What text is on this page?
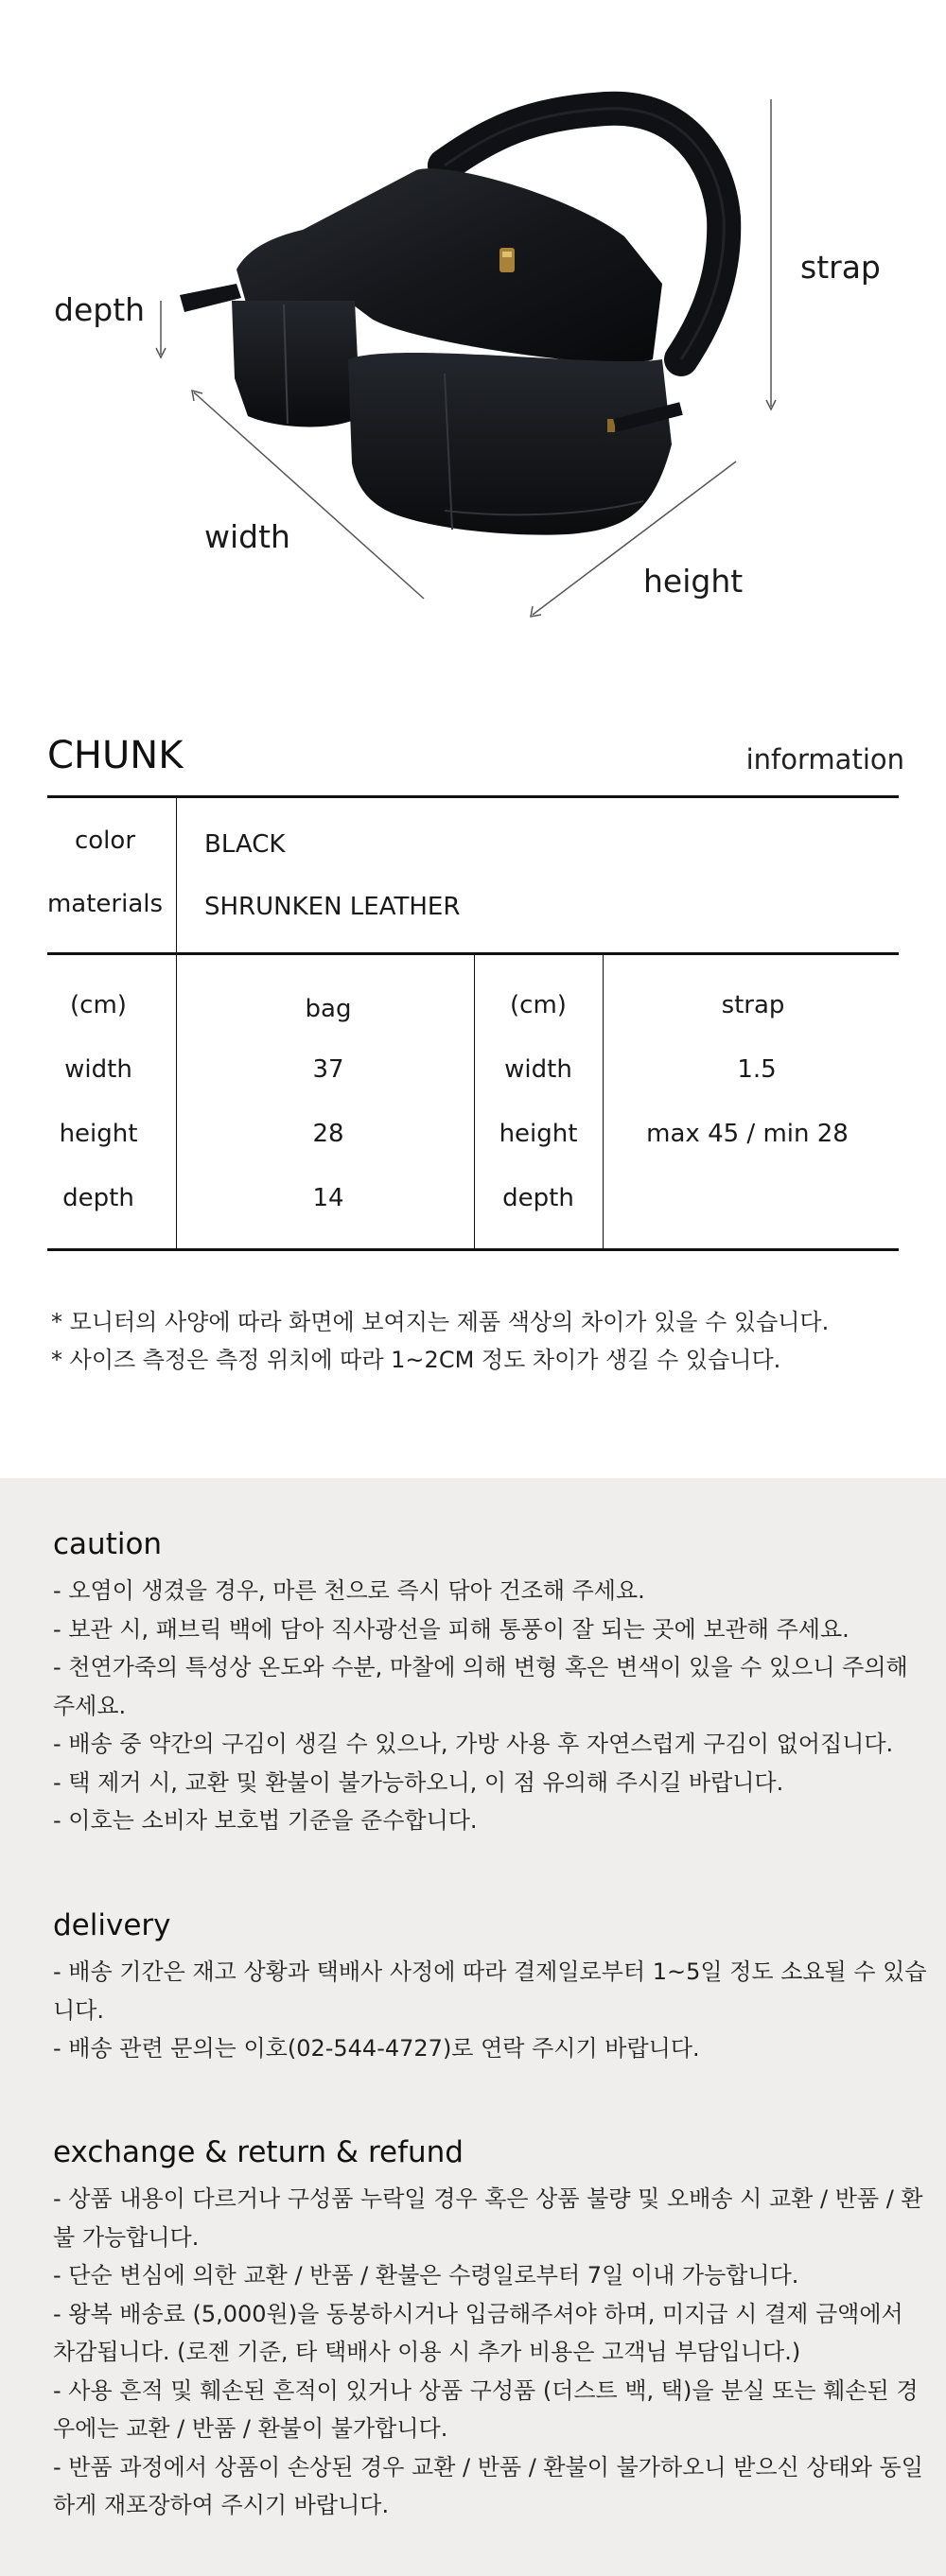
depth
width
height
strap
CHUNK	information
color	BLACK
materials SHRUNKEN LEATHER
(cm)	bag	(cm)	strap
width	37	width	1.5
height	28	height	max 45 / min 28
depth	14	depth
* 모니터의 사양에 따라 화면에 보여지는 제품 색상의 차이가 있을 수 있습니다.
* 사이즈 측정은 측정 위치에 따라 1~2CM 정도 차이가 생길 수 있습니다.
caution
- 오염이 생겼을 경우, 마른 천으로 즉시 닦아 건조해 주세요.
- 보관 시, 패브릭 백에 담아 직사광선을 피해 통풍이 잘 되는 곳에 보관해 주세요.
- 천연가죽의 특성상 온도와 수분, 마찰에 의해 변형 혹은 변색이 있을 수 있으니 주의해
주세요.
- 배송 중 약간의 구김이 생길 수 있으나, 가방 사용 후 자연스럽게 구김이 없어집니다.
- 택 제거 시, 교환 및 환불이 불가능하오니, 이 점 유의해 주시길 바랍니다.
- 이호는 소비자 보호법 기준을 준수합니다.
delivery
- 배송 기간은 재고 상황과 택배사 사정에 따라 결제일로부터 1~5일 정도 소요될 수 있습
니다.
- 배송 관련 문의는 이호(02-544-4727)로 연락 주시기 바랍니다.
exchange & return & refund
- 상품 내용이 다르거나 구성품 누락일 경우 혹은 상품 불량 및 오배송 시 교환 / 반품 / 환
불 가능합니다.
- 단순 변심에 의한 교환 / 반품 / 환불은 수령일로부터 7일 이내 가능합니다.
- 왕복 배송료 (5,000원)을 동봉하시거나 입금해주셔야 하며, 미지급 시 결제 금액에서
차감됩니다. (로젠 기준, 타 택배사 이용 시 추가 비용은 고객님 부담입니다.)
- 사용 흔적 및 훼손된 흔적이 있거나 상품 구성품 (더스트 백, 택)을 분실 또는 훼손된 경
우에는 교환 / 반품 / 환불이 불가합니다.
- 반품 과정에서 상품이 손상된 경우 교환 / 반품 / 환불이 불가하오니 받으신 상태와 동일
하게 재포장하여 주시기 바랍니다.
